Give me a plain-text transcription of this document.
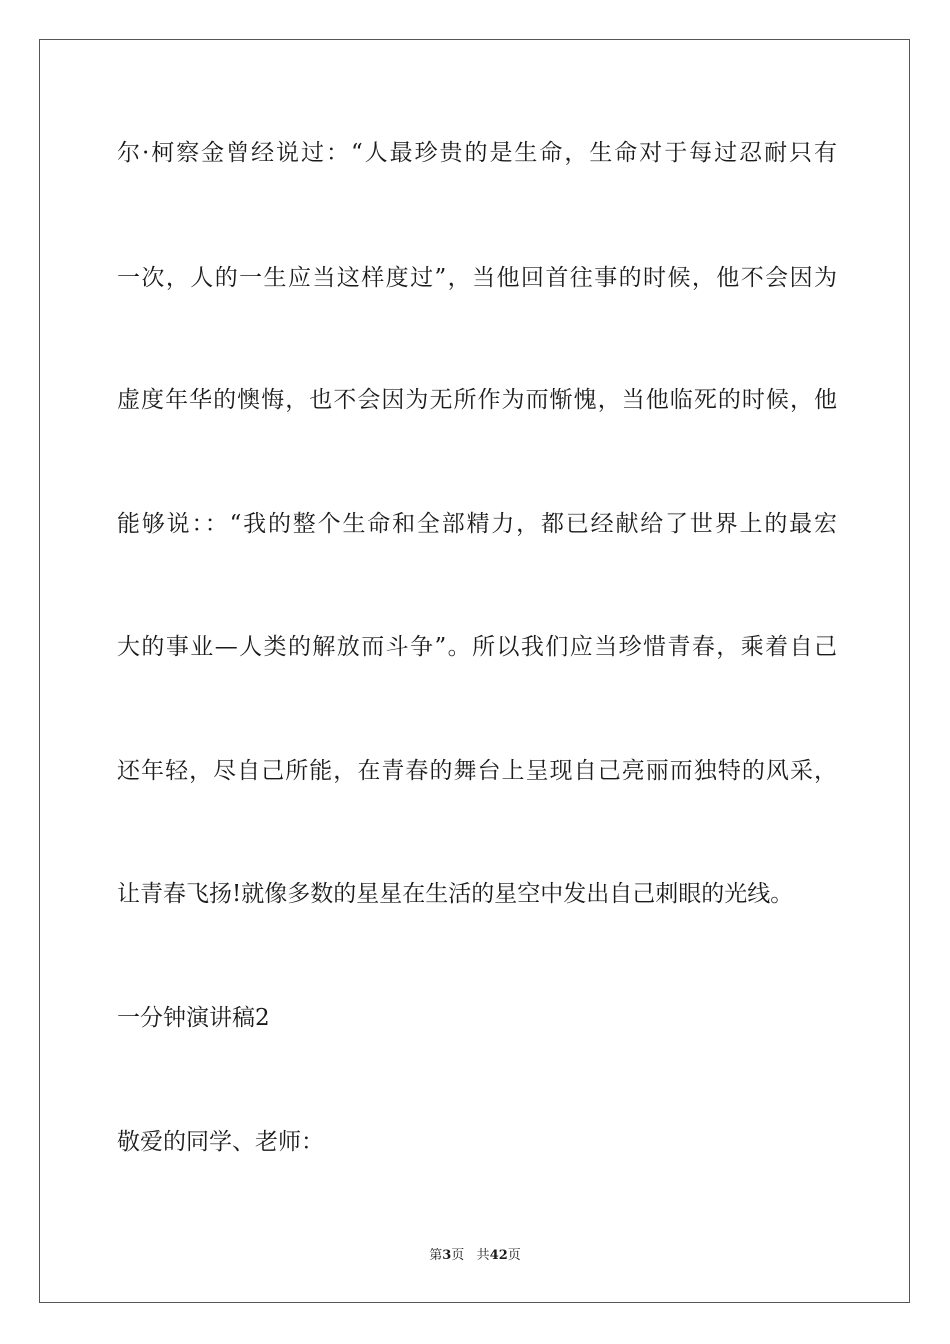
尔·柯察金曾经说过：“人最珍贵的是生命，生命对于每过忍耐只有
一次，人的一生应当这样度过”，当他回首往事的时候，他不会因为
虚度年华的懊悔，也不会因为无所作为而惭愧，当他临死的时候，他
能够说：：“我的整个生命和全部精力，都已经献给了世界上的最宏
大的事业—人类的解放而斗争”。所以我们应当珍惜青春，乘着自己
还年轻，尽自己所能，在青春的舞台上呈现自己亮丽而独特的风采，
让青春飞扬!就像多数的星星在生活的星空中发出自己刺眼的光线。
一分钟演讲稿2
敬爱的同学、老师：
第3页 共42页
